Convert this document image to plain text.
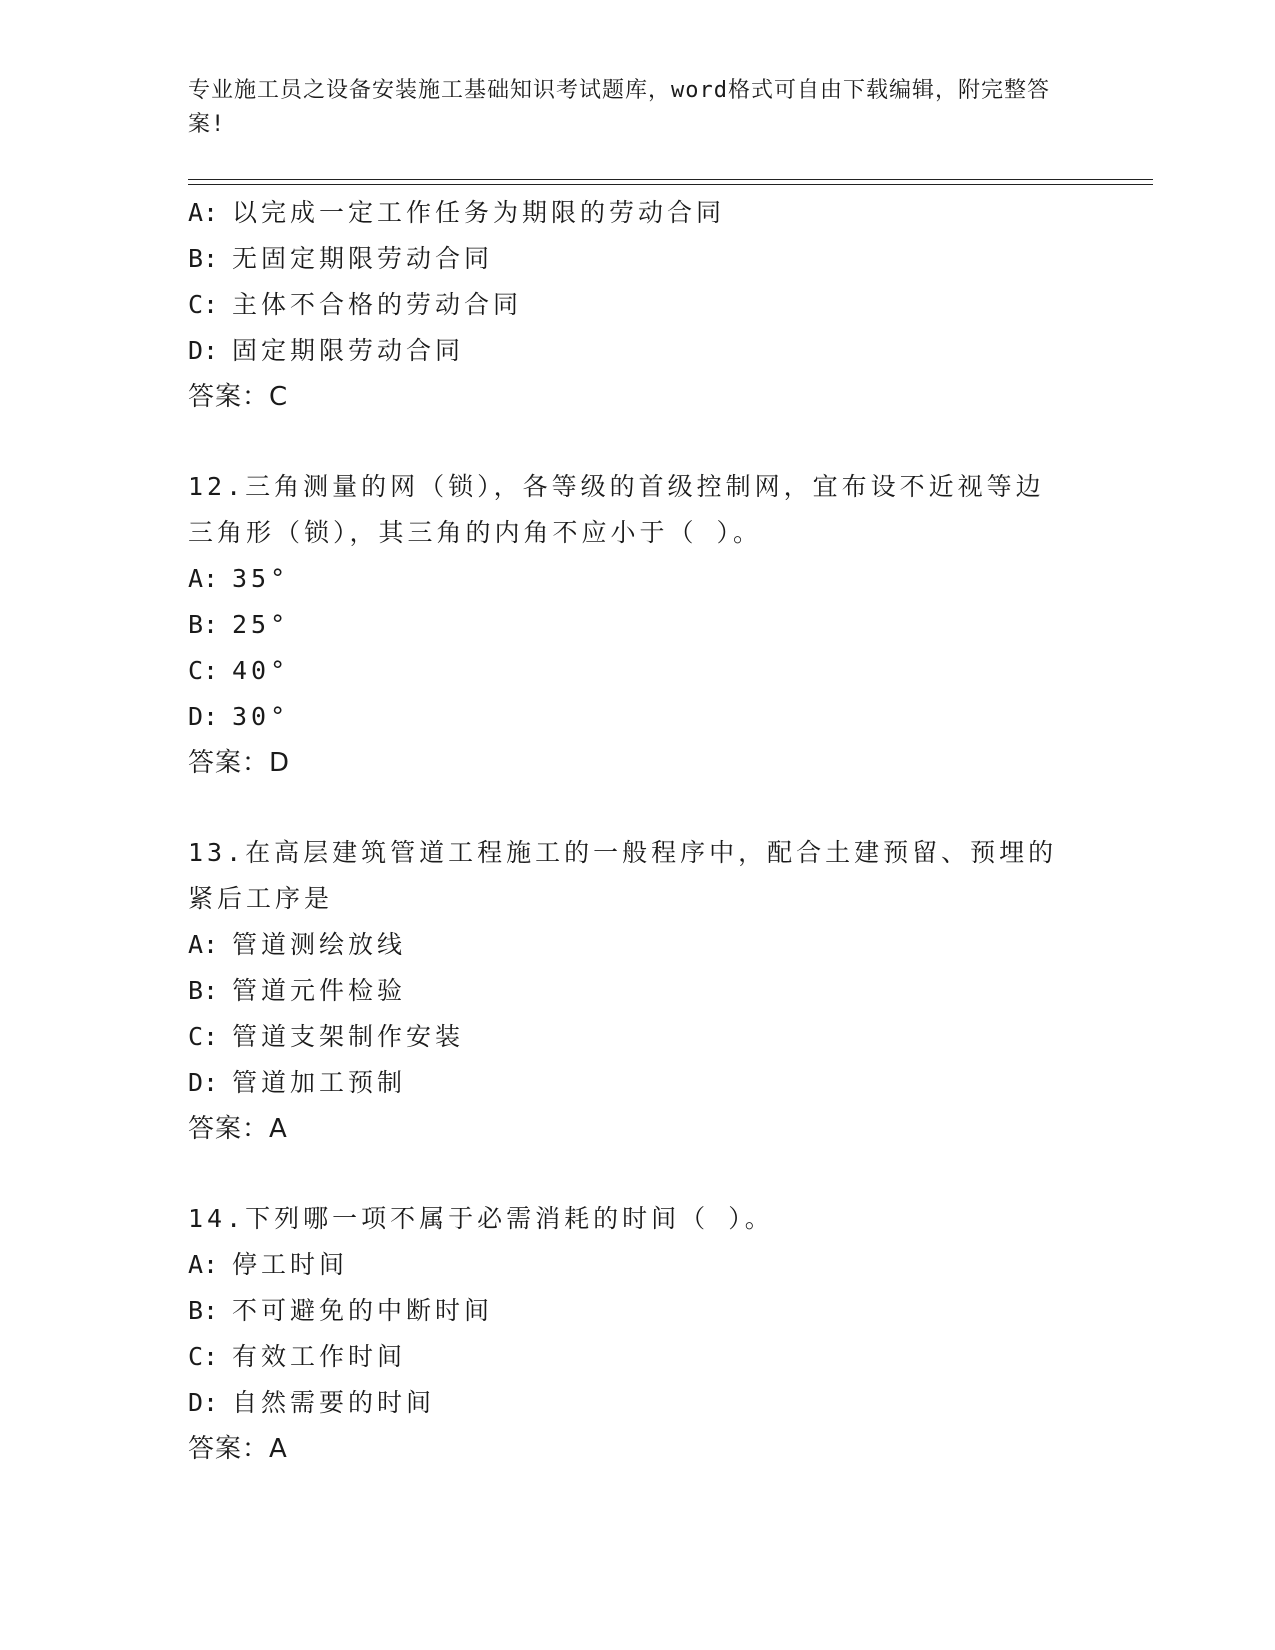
专业施工员之设备安装施工基础知识考试题库，word格式可自由下载编辑，附完整答案!
A: 以完成一定工作任务为期限的劳动合同
B: 无固定期限劳动合同
C: 主体不合格的劳动合同
D: 固定期限劳动合同
答案：C
12.三角测量的网（锁），各等级的首级控制网，宜布设不近视等边三角形（锁），其三角的内角不应小于（ ）。
A: 35°
B: 25°
C: 40°
D: 30°
答案：D
13.在高层建筑管道工程施工的一般程序中，配合土建预留、预埋的紧后工序是
A: 管道测绘放线
B: 管道元件检验
C: 管道支架制作安装
D: 管道加工预制
答案：A
14.下列哪一项不属于必需消耗的时间（ ）。
A: 停工时间
B: 不可避免的中断时间
C: 有效工作时间
D: 自然需要的时间
答案：A
